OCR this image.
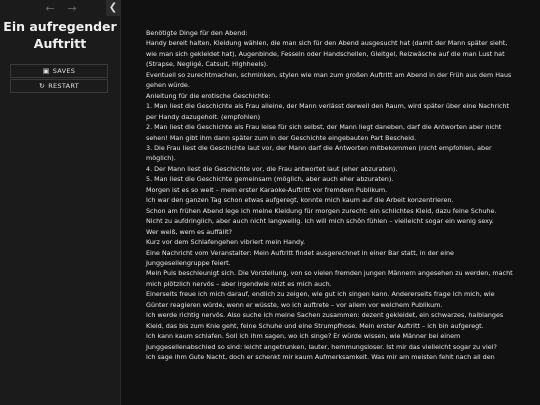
←	→	❮
Ein aufregender Auftritt
▣ SAVES
↻ RESTART

Benötigte Dinge für den Abend:

Handy bereit halten, Kleidung wählen, die man sich für den Abend ausgesucht hat (damit der Mann später sieht,

wie man sich gekleidet hat), Augenbinde, Fesseln oder Handschellen, Gleitgel, Reizwäsche auf die man Lust hat

(Strapse, Negligé, Catsuit, Highheels).

Eventuell so zurechtmachen, schminken, stylen wie man zum großen Auftritt am Abend in der Früh aus dem Haus

gehen würde.

Anleitung für die erotische Geschichte:

1. Man liest die Geschichte als Frau alleine, der Mann verlässt derweil den Raum, wird später über eine Nachricht

per Handy dazugeholt. (empfohlen)

2. Man liest die Geschichte als Frau leise für sich selbst, der Mann liegt daneben, darf die Antworten aber nicht

sehen! Man gibt ihm dann später zum in der Geschichte eingebauten Part Bescheid.

3. Die Frau liest die Geschichte laut vor, der Mann darf die Antworten mitbekommen (nicht empfohlen, aber

möglich).

4. Der Mann liest die Geschichte vor, die Frau antwortet laut (eher abzuraten).

5. Man liest die Geschichte gemeinsam (möglich, aber auch eher abzuraten).

Morgen ist es so weit – mein erster Karaoke-Auftritt vor fremdem Publikum.

Ich war den ganzen Tag schon etwas aufgeregt, konnte mich kaum auf die Arbeit konzentrieren.

Schon am frühen Abend lege ich meine Kleidung für morgen zurecht: ein schlichtes Kleid, dazu feine Schuhe.

Nicht zu aufdringlich, aber auch nicht langweilig. Ich will mich schön fühlen – vielleicht sogar ein wenig sexy.

Wer weiß, wem es auffällt?

Kurz vor dem Schlafengehen vibriert mein Handy.

Eine Nachricht vom Veranstalter: Mein Auftritt findet ausgerechnet in einer Bar statt, in der eine

Junggesellengruppe feiert.

Mein Puls beschleunigt sich. Die Vorstellung, von so vielen fremden jungen Männern angesehen zu werden, macht

mich plötzlich nervös – aber irgendwie reizt es mich auch.

Einerseits freue ich mich darauf, endlich zu zeigen, wie gut ich singen kann. Andererseits frage ich mich, wie

Günter reagieren würde, wenn er wüsste, wo ich auftrete – vor allem vor welchem Publikum.

Ich werde richtig nervös. Also suche ich meine Sachen zusammen: dezent gekleidet, ein schwarzes, halblanges

Kleid, das bis zum Knie geht, feine Schuhe und eine Strumpfhose. Mein erster Auftritt – ich bin aufgeregt.

Ich kann kaum schlafen. Soll ich ihm sagen, wo ich singe? Er würde wissen, wie Männer bei einem

Junggesellenabschied so sind: leicht angetrunken, lauter, hemmungsloser. Ist mir das vielleicht sogar zu viel?

Ich sage ihm Gute Nacht, doch er schenkt mir kaum Aufmerksamkeit. Was mir am meisten fehlt nach all den
